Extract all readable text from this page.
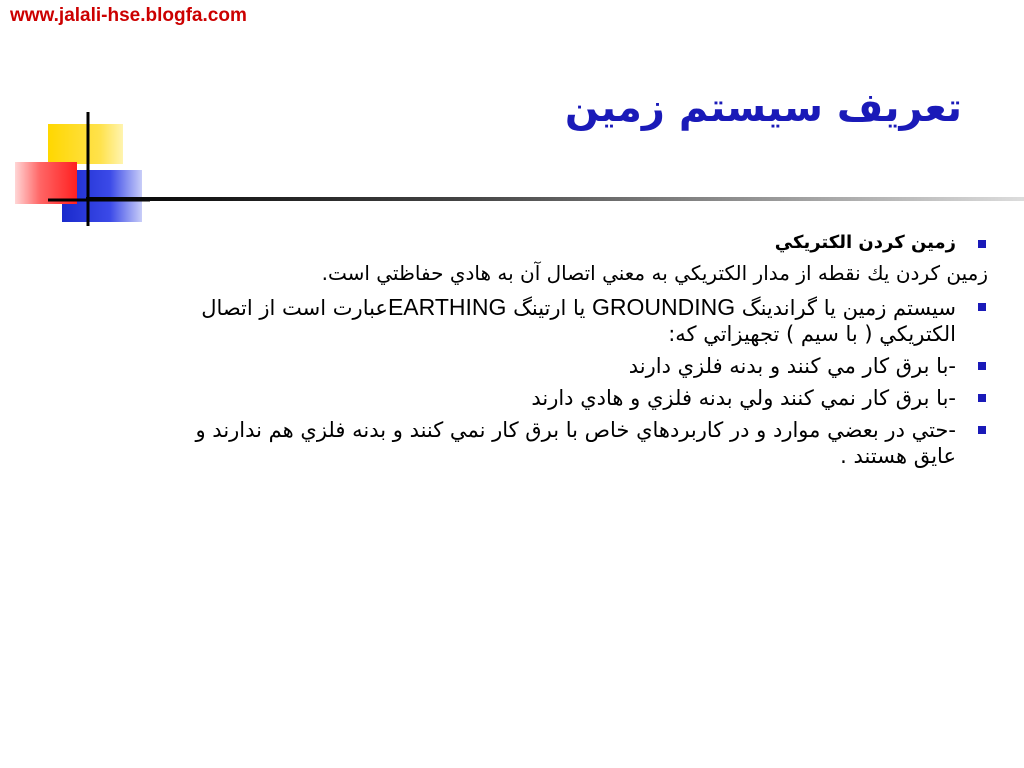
www.jalali-hse.blogfa.com
تعريف سيستم زمين
زمين كردن الكتريكي
زمين كردن يك نقطه از مدار الكتريكي به معني اتصال آن به هادي حفاظتي است.
سيستم زمين يا گراندينگ GROUNDING يا ارتينگ EARTHINGعبارت است از اتصال الكتريكي ( با سيم ) تجهيزاتي كه:
-با برق كار مي كنند و بدنه فلزي دارند
-با برق كار نمي كنند ولي بدنه فلزي و هادي دارند
-حتي در بعضي موارد و در كاربردهاي خاص با برق كار نمي كنند و بدنه فلزي هم ندارند و عايق هستند .
